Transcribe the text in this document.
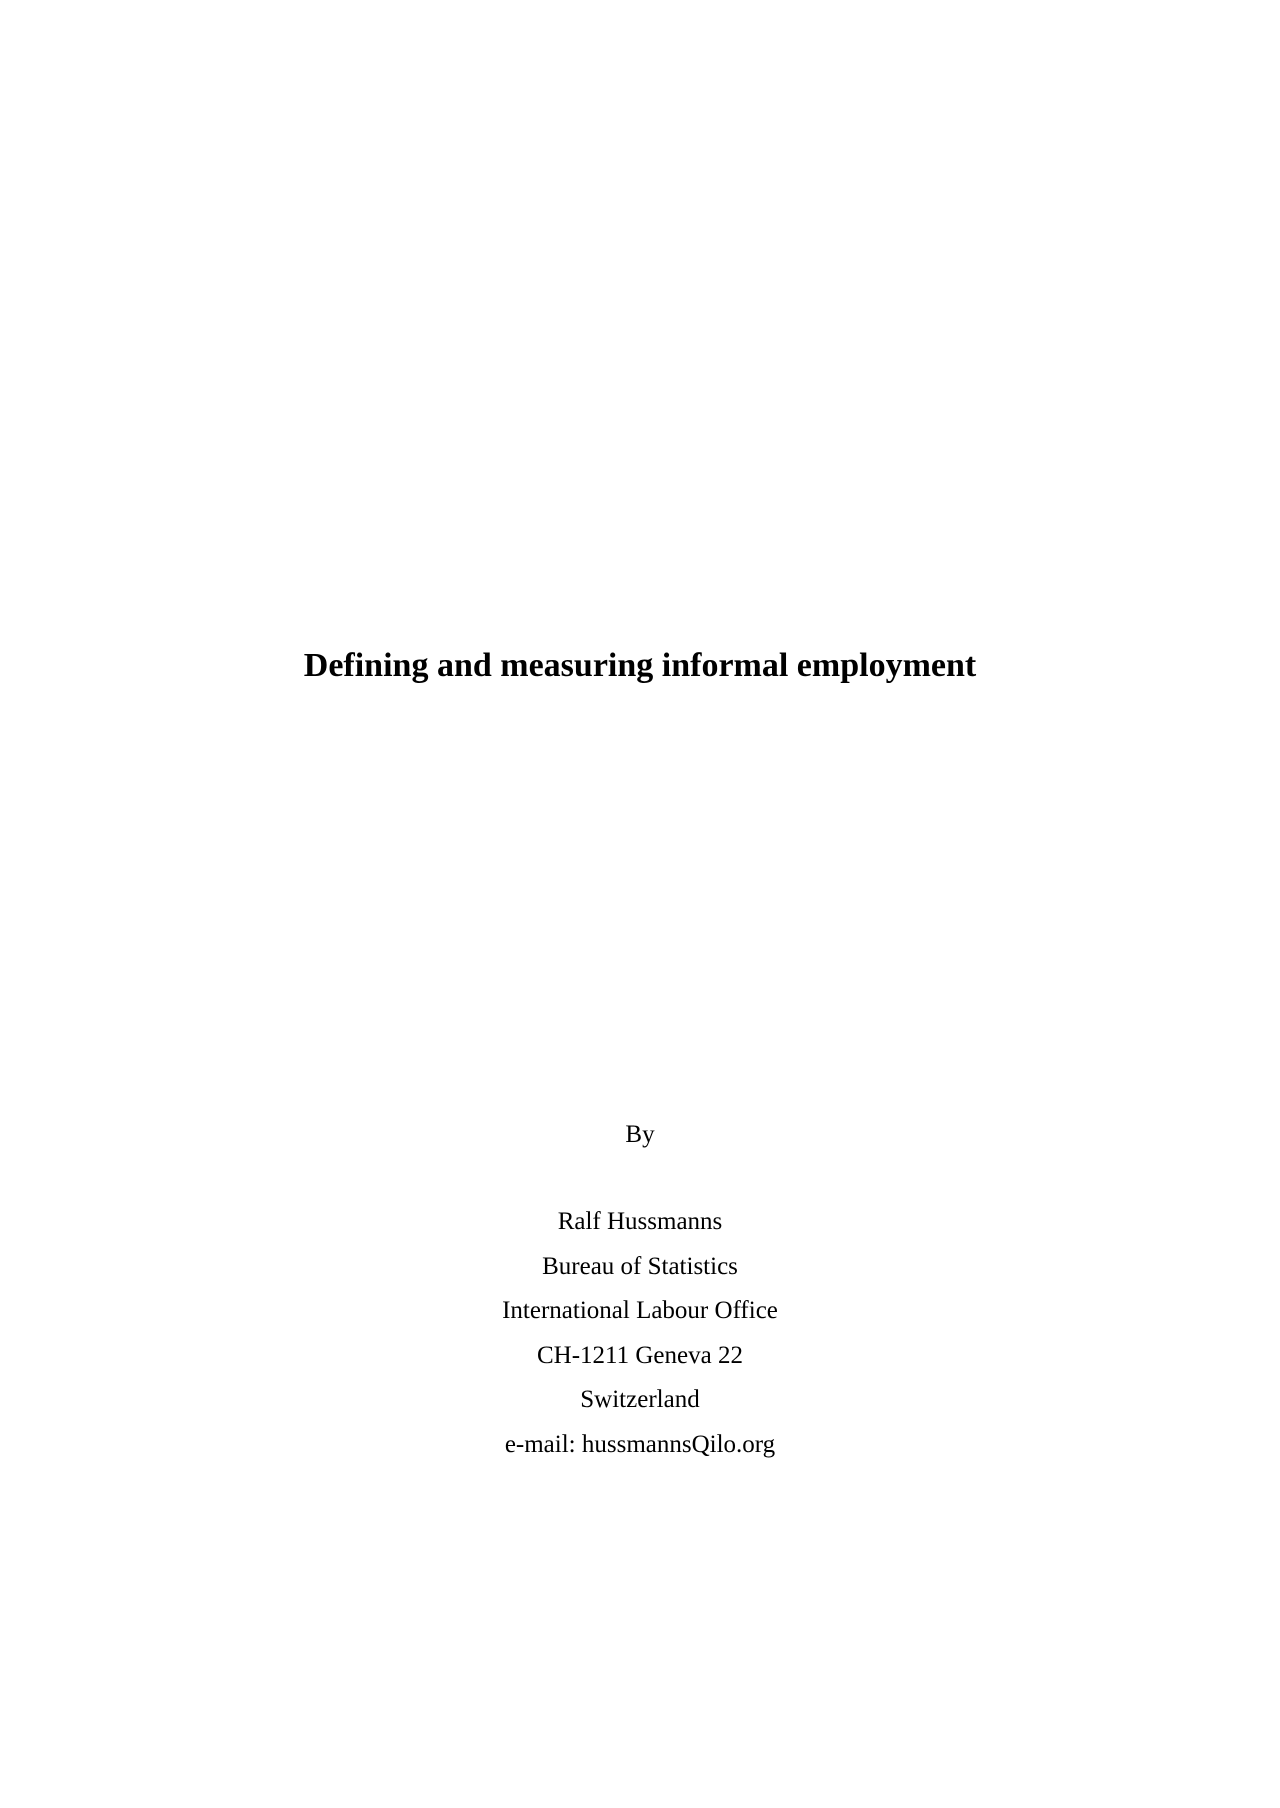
Defining and measuring informal employment
By
Ralf Hussmanns
Bureau of Statistics
International Labour Office
CH-1211 Geneva 22
Switzerland
e-mail: hussmannsQilo.org
